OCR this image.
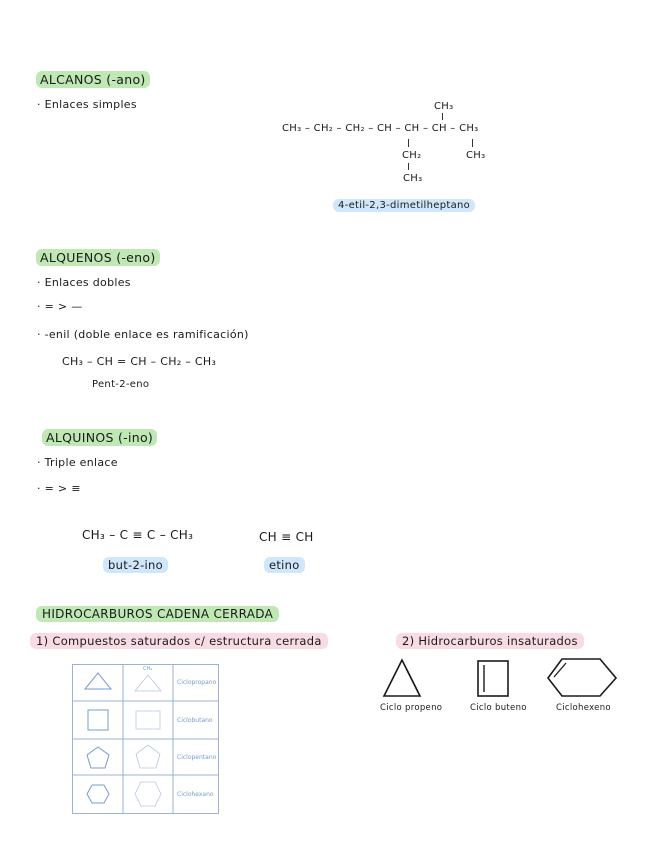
ALCANOS (-ano)
· Enlaces simples	CH₃
CH₃ – CH₂ – CH₂ – CH – CH – CH – CH₃
CH₂
CH₃
CH₃
4-etil-2,3-dimetilheptano
ALQUENOS (-eno)
· Enlaces dobles
· = > —
· -enil (doble enlace es ramificación)
CH₃ – CH = CH – CH₂ – CH₃
Pent-2-eno
ALQUINOS (-ino)
· Triple enlace
· = > ≡
CH₃ – C ≡ C – CH₃
but-2-ino
CH ≡ CH
etino
HIDROCARBUROS CADENA CERRADA
1) Compuestos saturados c/ estructura cerrada	2) Hidrocarburos insaturados
Ciclopropano
Ciclobutano
Ciclopentano
Ciclohexano
CH₂
Ciclo propeno	Ciclo buteno	Ciclohexeno
